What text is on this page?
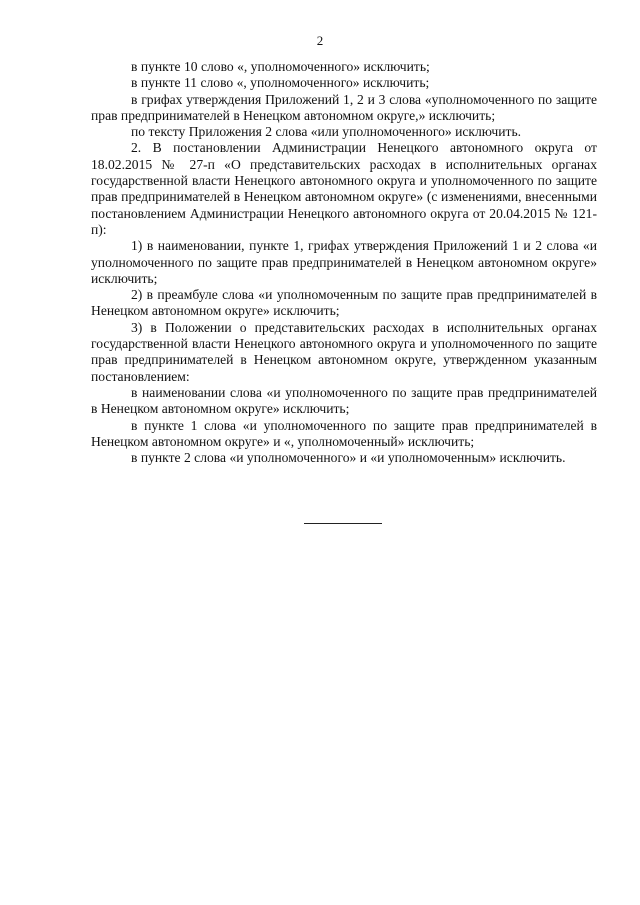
2

в пункте 10 слово «, уполномоченного» исключить;

в пункте 11 слово «, уполномоченного» исключить;

в грифах утверждения Приложений 1, 2 и 3 слова «уполномоченного по защите прав предпринимателей в Ненецком автономном округе,» исключить;

по тексту Приложения 2 слова «или уполномоченного» исключить.

2. В постановлении Администрации Ненецкого автономного округа от 18.02.2015 № 27-п «О представительских расходах в исполнительных органах государственной власти Ненецкого автономного округа и уполномоченного по защите прав предпринимателей в Ненецком автономном округе» (с изменениями, внесенными постановлением Администрации Ненецкого автономного округа от 20.04.2015 № 121-п):

1) в наименовании, пункте 1, грифах утверждения Приложений 1 и 2 слова «и уполномоченного по защите прав предпринимателей в Ненецком автономном округе» исключить;

2) в преамбуле слова «и уполномоченным по защите прав предпринимателей в Ненецком автономном округе» исключить;

3) в Положении о представительских расходах в исполнительных органах государственной власти Ненецкого автономного округа и уполномоченного по защите прав предпринимателей в Ненецком автономном округе, утвержденном указанным постановлением:

в наименовании слова «и уполномоченного по защите прав предпринимателей в Ненецком автономном округе» исключить;

в пункте 1 слова «и уполномоченного по защите прав предпринимателей в Ненецком автономном округе» и «, уполномоченный» исключить;

в пункте 2 слова «и уполномоченного» и «и уполномоченным» исключить.
